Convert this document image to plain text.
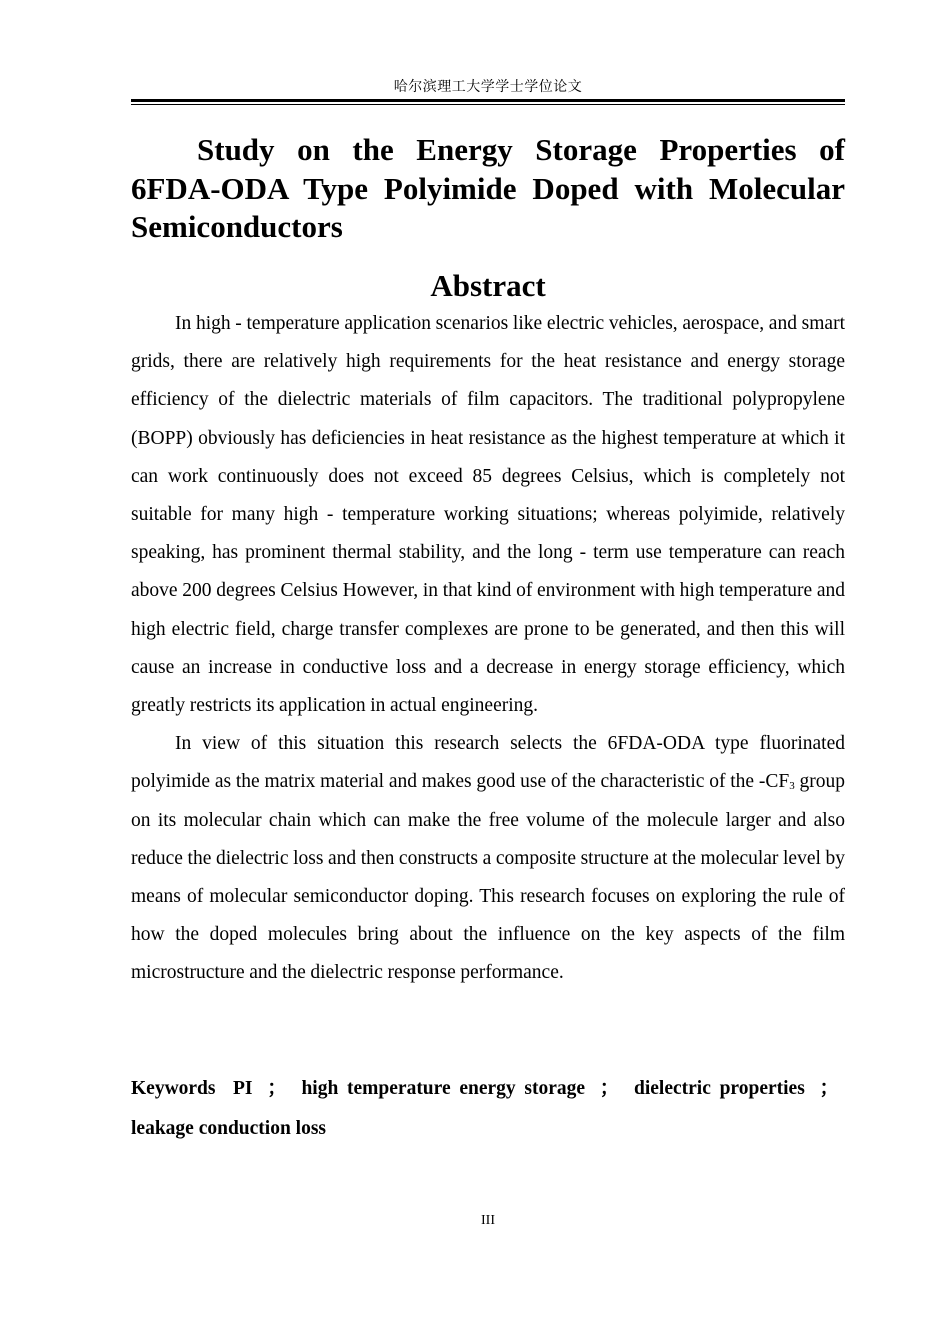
哈尔滨理工大学学士学位论文
Study on the Energy Storage Properties of 6FDA-ODA Type Polyimide Doped with Molecular Semiconductors
Abstract

In high - temperature application scenarios like electric vehicles, aerospace, and smart grids, there are relatively high requirements for the heat resistance and energy storage efficiency of the dielectric materials of film capacitors. The traditional polypropylene (BOPP) obviously has deficiencies in heat resistance as the highest temperature at which it can work continuously does not exceed 85 degrees Celsius, which is completely not suitable for many high - temperature working situations; whereas polyimide, relatively speaking, has prominent thermal stability, and the long - term use temperature can reach above 200 degrees Celsius However, in that kind of environment with high temperature and high electric field, charge transfer complexes are prone to be generated, and then this will cause an increase in conductive loss and a decrease in energy storage efficiency, which greatly restricts its application in actual engineering.

In view of this situation this research selects the 6FDA-ODA type fluorinated polyimide as the matrix material and makes good use of the characteristic of the $-CF_3$ group on its molecular chain which can make the free volume of the molecule larger and also reduce the dielectric loss and then constructs a composite structure at the molecular level by means of molecular semiconductor doping. This research focuses on exploring the rule of how the doped molecules bring about the influence on the key aspects of the film microstructure and the dielectric response performance.

Keywords PI ； high temperature energy storage ； dielectric properties ； leakage conduction loss

III
